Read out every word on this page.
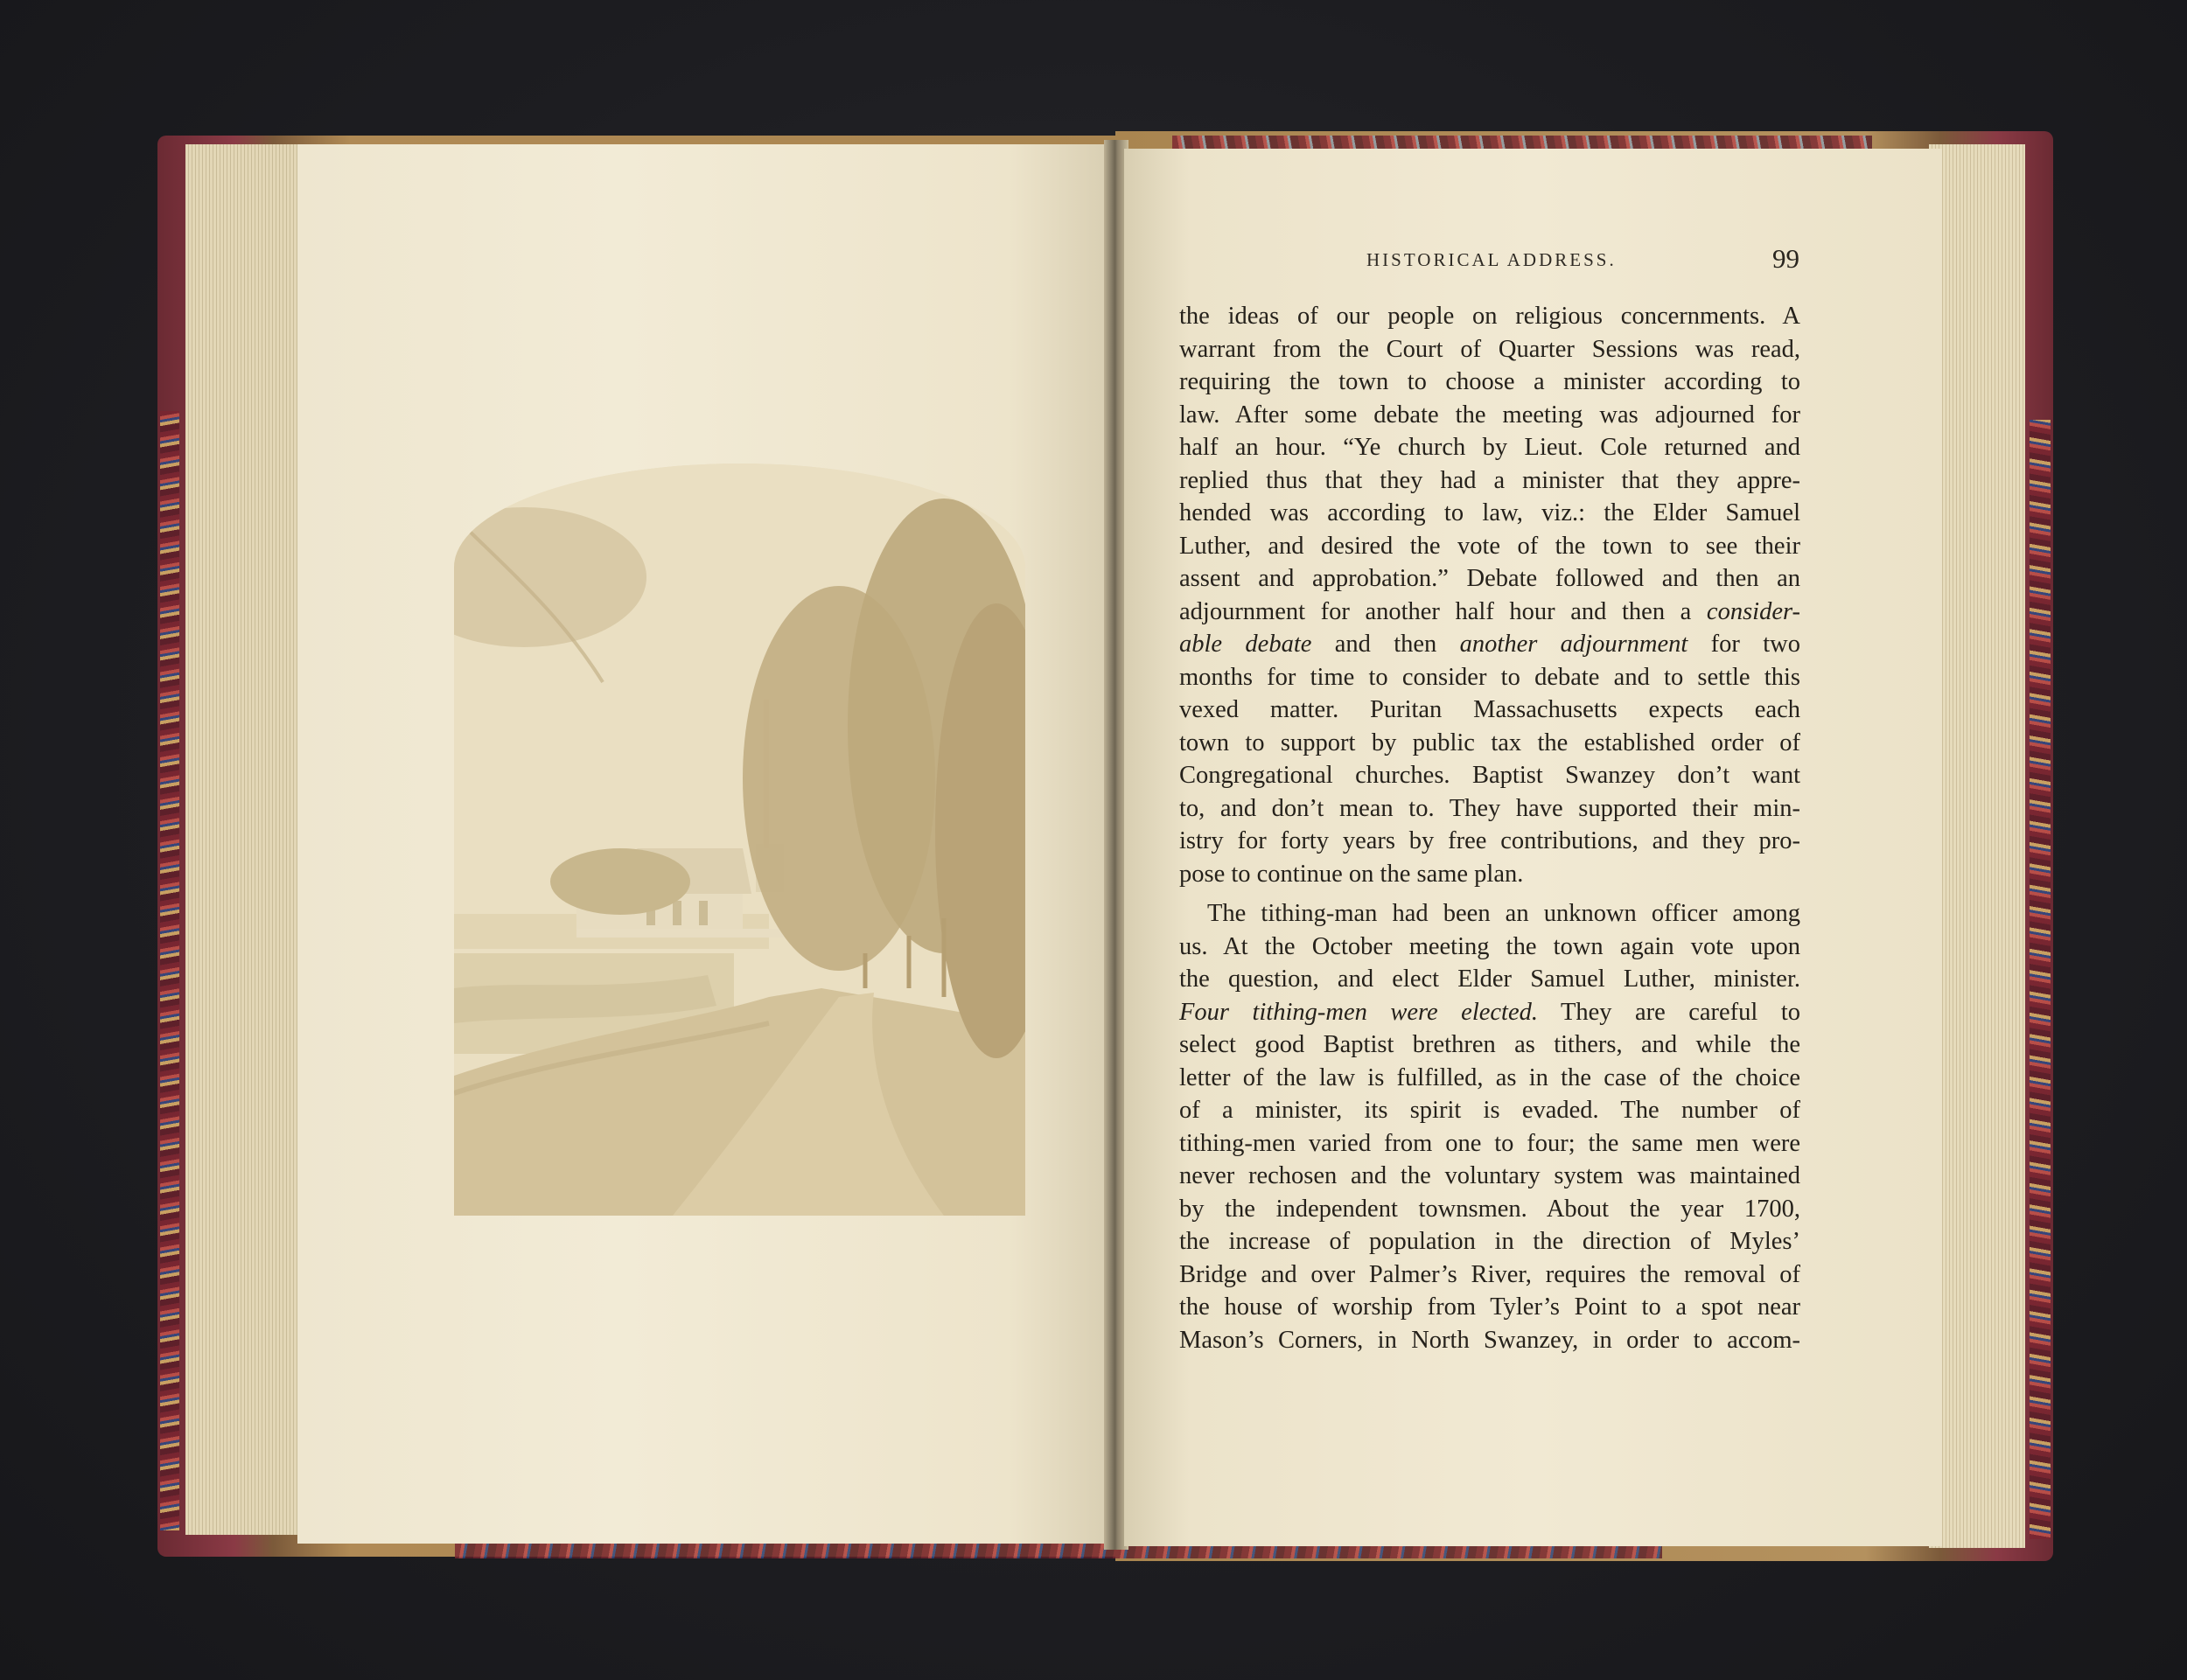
HISTORICAL ADDRESS.	99
the ideas of our people on religious concernments. A
warrant from the Court of Quarter Sessions was read,
requiring the town to choose a minister according to
law. After some debate the meeting was adjourned for
half an hour. “Ye church by Lieut. Cole returned and
replied thus that they had a minister that they appre-
hended was according to law, viz.: the Elder Samuel
Luther, and desired the vote of the town to see their
assent and approbation.” Debate followed and then an
adjournment for another half hour and then a consider-
able debate and then another adjournment for two
months for time to consider to debate and to settle this
vexed matter. Puritan Massachusetts expects each
town to support by public tax the established order of
Congregational churches. Baptist Swanzey don’t want
to, and don’t mean to. They have supported their min-
istry for forty years by free contributions, and they pro-
pose to continue on the same plan.
The tithing-man had been an unknown officer among
us. At the October meeting the town again vote upon
the question, and elect Elder Samuel Luther, minister.
Four tithing-men were elected. They are careful to
select good Baptist brethren as tithers, and while the
letter of the law is fulfilled, as in the case of the choice
of a minister, its spirit is evaded. The number of
tithing-men varied from one to four; the same men were
never rechosen and the voluntary system was maintained
by the independent townsmen. About the year 1700,
the increase of population in the direction of Myles’
Bridge and over Palmer’s River, requires the removal of
the house of worship from Tyler’s Point to a spot near
Mason’s Corners, in North Swanzey, in order to accom-
